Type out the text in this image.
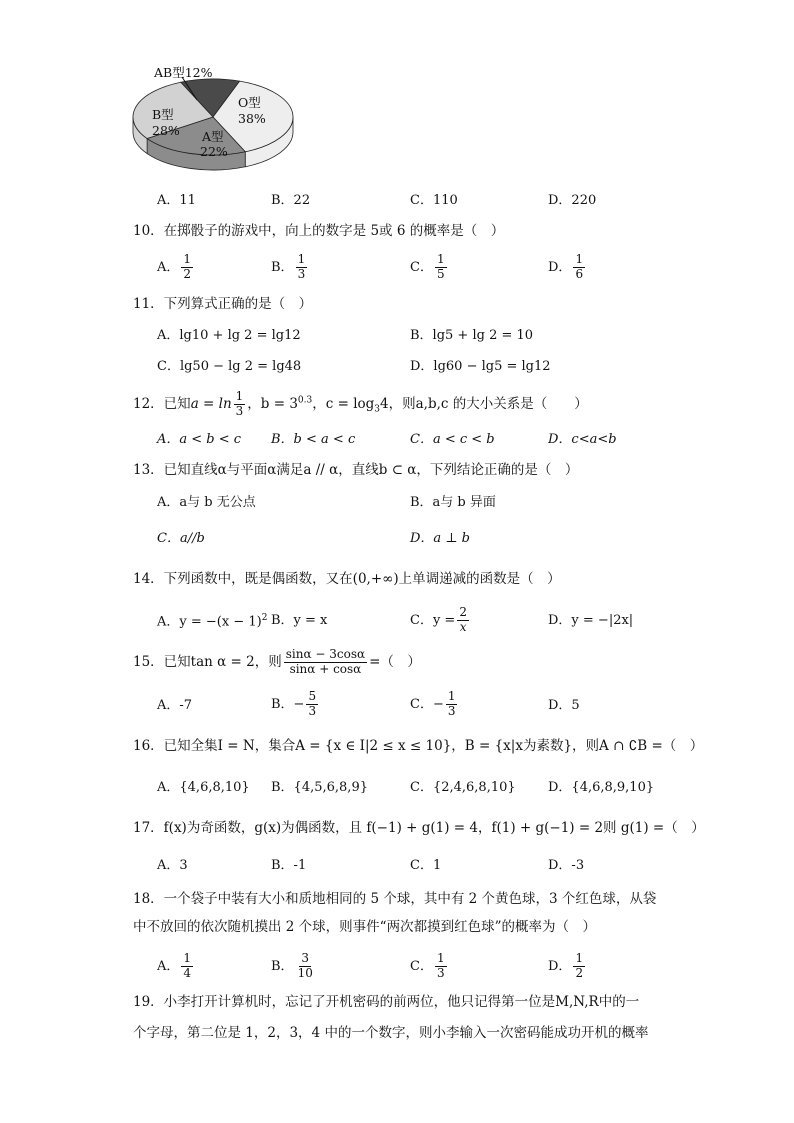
AB型12%
O型
38%
B型
28% A型
22%
A．11	B．22	C．110	D．220
10．在掷骰子的游戏中，向上的数字是 5或 6 的概率是（　）
A． $\frac{1}{2}$	B． $\frac{1}{3}$	C． $\frac{1}{5}$	D． $\frac{1}{6}$
11．下列算式正确的是（　）
A．lg10 + lg 2 = lg12	B．lg5 + lg 2 = 10
C．lg50 − lg 2 = lg48	D．lg60 − lg5 = lg12
12．已知$a = \ln \frac{1}{3}$ ，$b = 3^{0.3}$，$c = \log_34$，则a,b,c 的大小关系是（　　）
A．a < b < c B．b < a < c	C．a < c < b	D．c<a<b
13．已知直线α与平面α满足a // α，直线b ⊂ α，下列结论正确的是（　）
A．a与 b 无公点	B．a与 b 异面
C．a//b	D．a ⊥ b
14．下列函数中，既是偶函数，又在(0,+∞)上单调递减的函数是（　）
A．$y = -(x - 1)^2$ B．y = x	C．$y = \frac{2}{x}$	D．y = −|2x|
15．已知tan α = 2，则 $\frac{\sin\alpha - 3\cos\alpha}{\sin\alpha + \cos\alpha}$ =（　）
A．-7	B．− $\frac{5}{3}$	C．− $\frac{1}{3}$	D．5
16．已知全集I = N，集合A = {x ∈ I|2 ≤ x ≤ 10}，B = {x|x为素数}，则A ∩ ∁B =（　）
A．{4,6,8,10} B．{4,5,6,8,9}	C．{2,4,6,8,10} D．{4,6,8,9,10}
17．f(x)为奇函数，g(x)为偶函数，且 f(−1) + g(1) = 4，f(1) + g(−1) = 2则 g(1) =（　）
A．3	B．-1	C．1	D．-3
18．一个袋子中装有大小和质地相同的 5 个球，其中有 2 个黄色球，3 个红色球，从袋
中不放回的依次随机摸出 2 个球，则事件“两次都摸到红色球”的概率为（　）
A． $\frac{1}{4}$	B． $\frac{3}{10}$	C． $\frac{1}{3}$	D． $\frac{1}{2}$
19．小李打开计算机时，忘记了开机密码的前两位，他只记得第一位是M,N,R中的一
个字母，第二位是 1，2，3，4 中的一个数字，则小李输入一次密码能成功开机的概率
